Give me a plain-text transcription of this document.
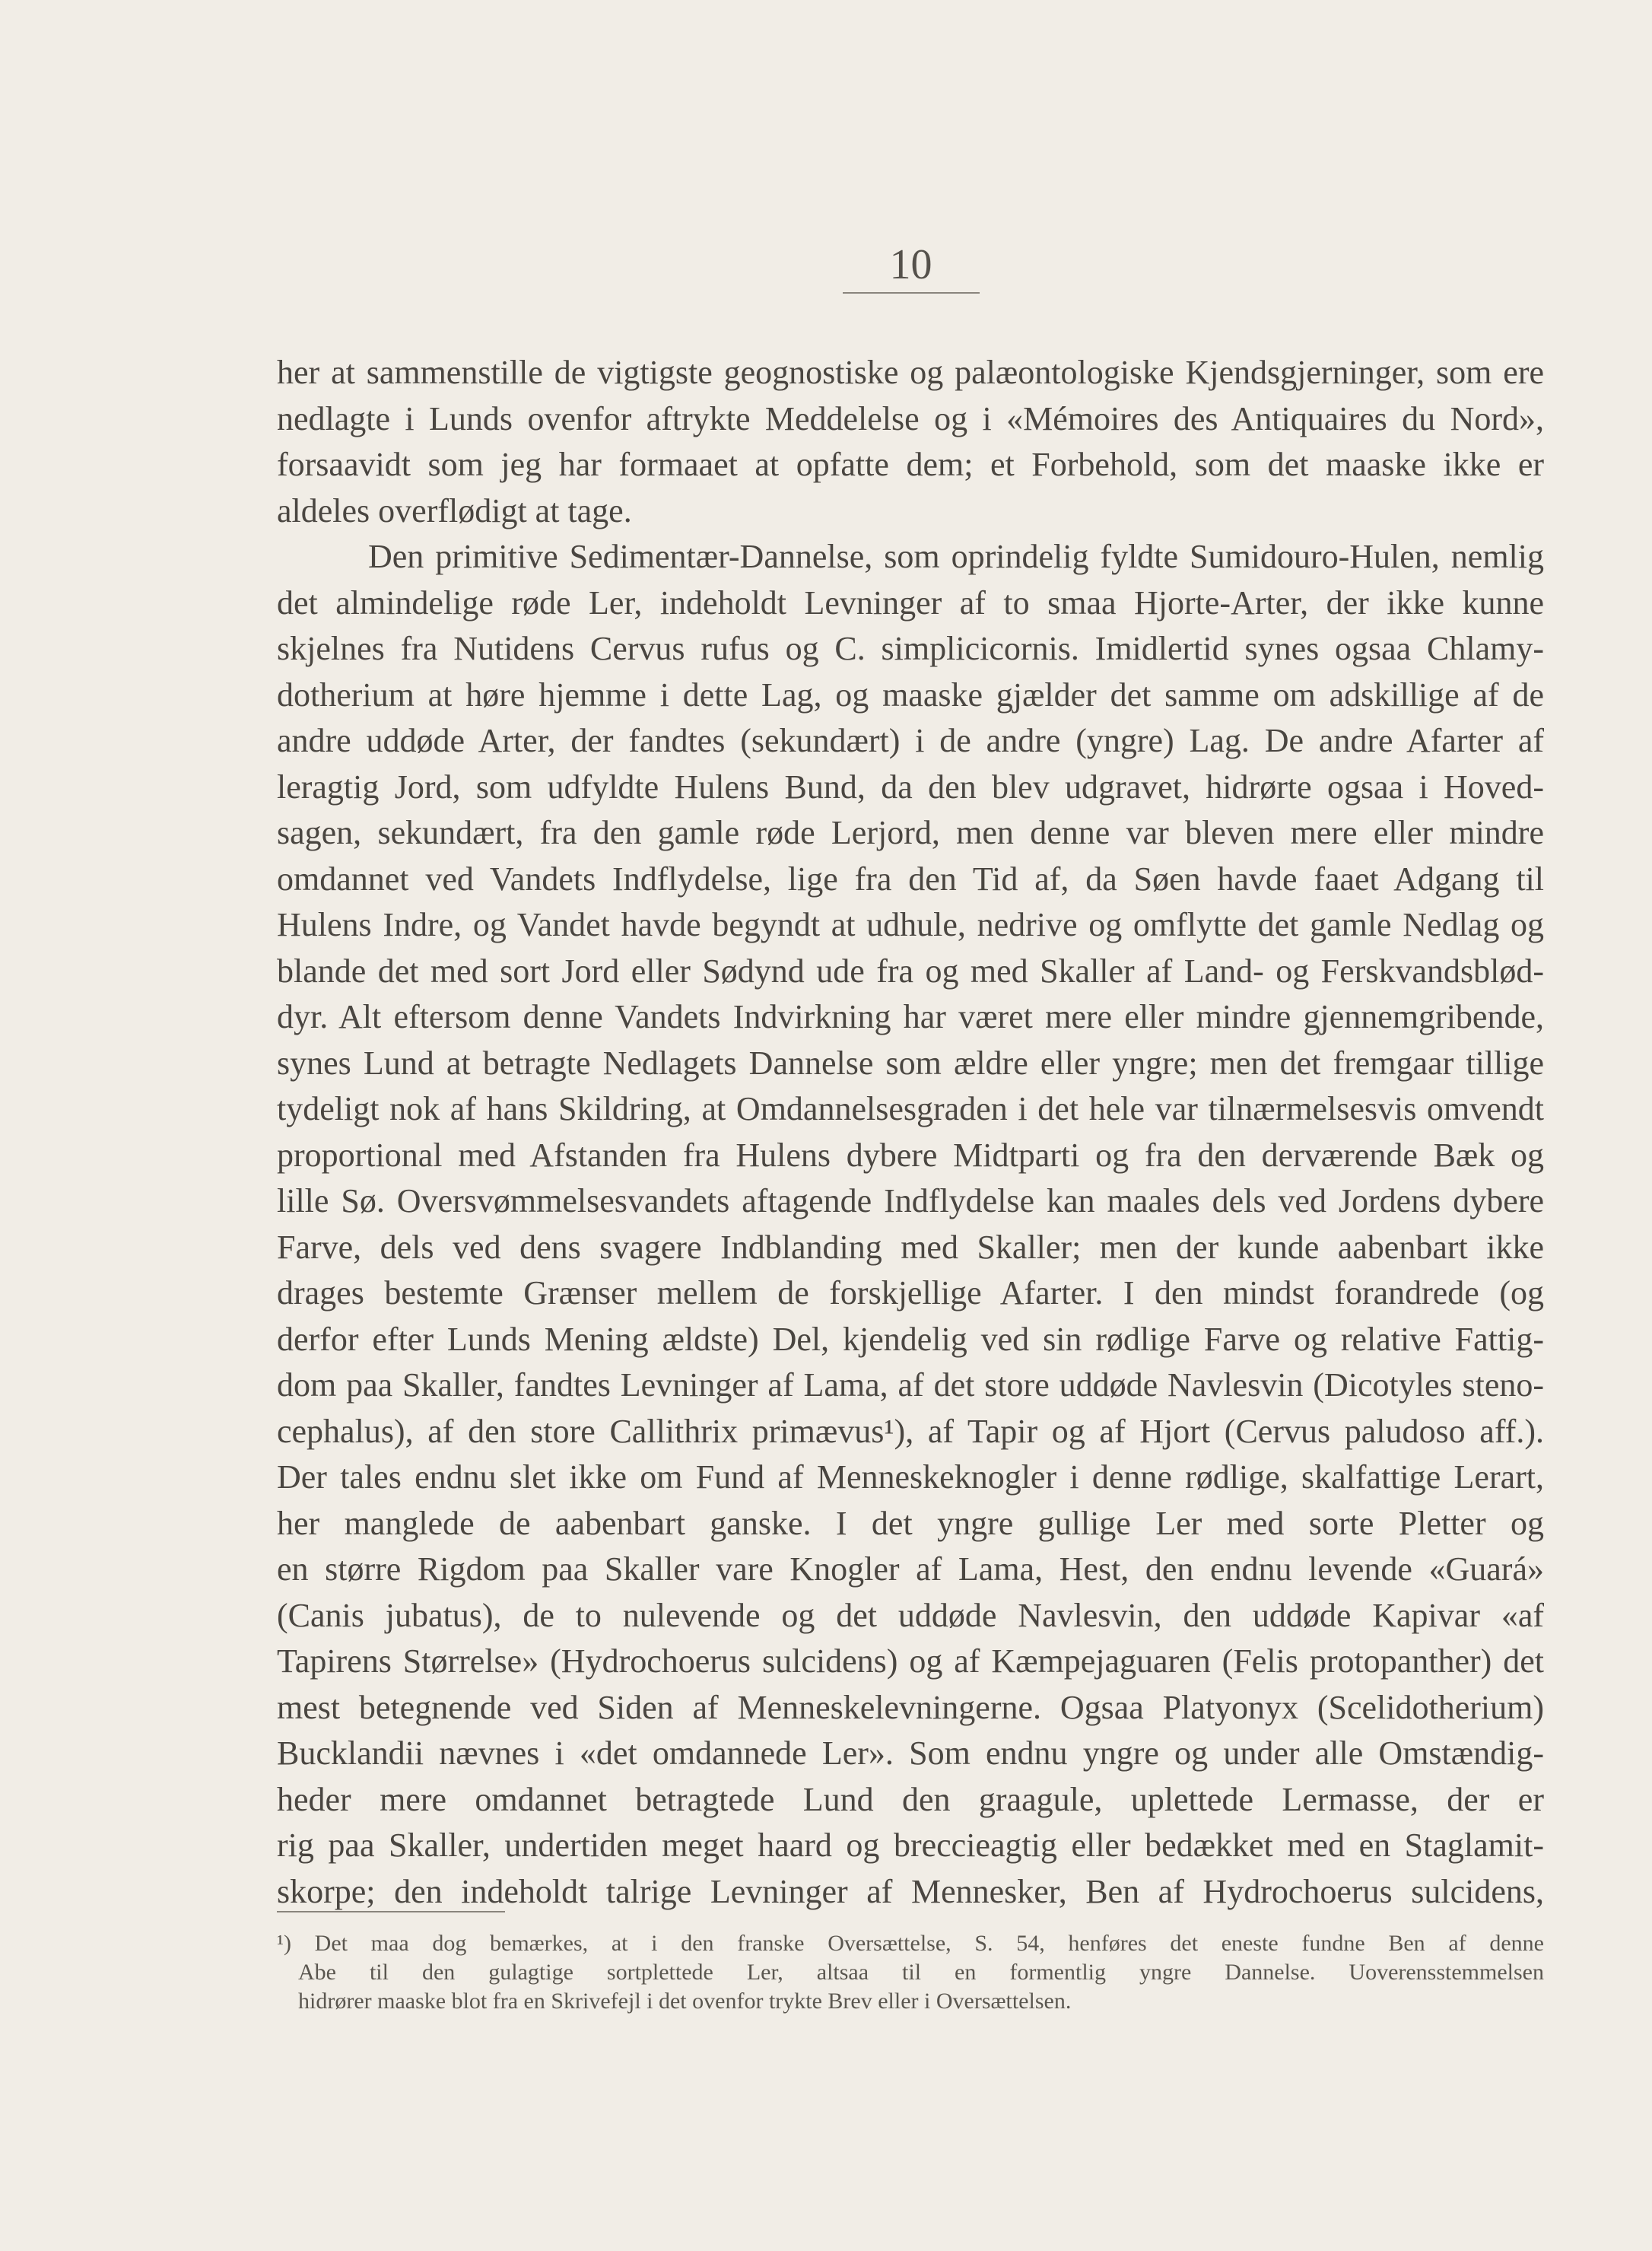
10
her at sammenstille de vigtigste geognostiske og palæontologiske Kjendsgjerninger, som ere
nedlagte i Lunds ovenfor aftrykte Meddelelse og i «Mémoires des Antiquaires du Nord»,
forsaavidt som jeg har formaaet at opfatte dem; et Forbehold, som det maaske ikke er
aldeles overflødigt at tage.
Den primitive Sedimentær-Dannelse, som oprindelig fyldte Sumidouro-Hulen, nemlig
det almindelige røde Ler, indeholdt Levninger af to smaa Hjorte-Arter, der ikke kunne
skjelnes fra Nutidens Cervus rufus og C. simplicicornis. Imidlertid synes ogsaa Chlamy-
dotherium at høre hjemme i dette Lag, og maaske gjælder det samme om adskillige af de
andre uddøde Arter, der fandtes (sekundært) i de andre (yngre) Lag. De andre Afarter af
leragtig Jord, som udfyldte Hulens Bund, da den blev udgravet, hidrørte ogsaa i Hoved-
sagen, sekundært, fra den gamle røde Lerjord, men denne var bleven mere eller mindre
omdannet ved Vandets Indflydelse, lige fra den Tid af, da Søen havde faaet Adgang til
Hulens Indre, og Vandet havde begyndt at udhule, nedrive og omflytte det gamle Nedlag og
blande det med sort Jord eller Sødynd ude fra og med Skaller af Land- og Ferskvandsblød-
dyr. Alt eftersom denne Vandets Indvirkning har været mere eller mindre gjennemgribende,
synes Lund at betragte Nedlagets Dannelse som ældre eller yngre; men det fremgaar tillige
tydeligt nok af hans Skildring, at Omdannelsesgraden i det hele var tilnærmelsesvis omvendt
proportional med Afstanden fra Hulens dybere Midtparti og fra den derværende Bæk og
lille Sø. Oversvømmelsesvandets aftagende Indflydelse kan maales dels ved Jordens dybere
Farve, dels ved dens svagere Indblanding med Skaller; men der kunde aabenbart ikke
drages bestemte Grænser mellem de forskjellige Afarter. I den mindst forandrede (og
derfor efter Lunds Mening ældste) Del, kjendelig ved sin rødlige Farve og relative Fattig-
dom paa Skaller, fandtes Levninger af Lama, af det store uddøde Navlesvin (Dicotyles steno-
cephalus), af den store Callithrix primævus¹), af Tapir og af Hjort (Cervus paludoso aff.).
Der tales endnu slet ikke om Fund af Menneskeknogler i denne rødlige, skalfattige Lerart,
her manglede de aabenbart ganske. I det yngre gullige Ler med sorte Pletter og
en større Rigdom paa Skaller vare Knogler af Lama, Hest, den endnu levende «Guará»
(Canis jubatus), de to nulevende og det uddøde Navlesvin, den uddøde Kapivar «af
Tapirens Størrelse» (Hydrochoerus sulcidens) og af Kæmpejaguaren (Felis protopanther) det
mest betegnende ved Siden af Menneskelevningerne. Ogsaa Platyonyx (Scelidotherium)
Bucklandii nævnes i «det omdannede Ler». Som endnu yngre og under alle Omstændig-
heder mere omdannet betragtede Lund den graagule, uplettede Lermasse, der er
rig paa Skaller, undertiden meget haard og breccieagtig eller bedækket med en Staglamit-
skorpe; den indeholdt talrige Levninger af Mennesker, Ben af Hydrochoerus sulcidens,
¹) Det maa dog bemærkes, at i den franske Oversættelse, S. 54, henføres det eneste fundne Ben af denne
Abe til den gulagtige sortplettede Ler, altsaa til en formentlig yngre Dannelse. Uoverensstemmelsen
hidrører maaske blot fra en Skrivefejl i det ovenfor trykte Brev eller i Oversættelsen.
